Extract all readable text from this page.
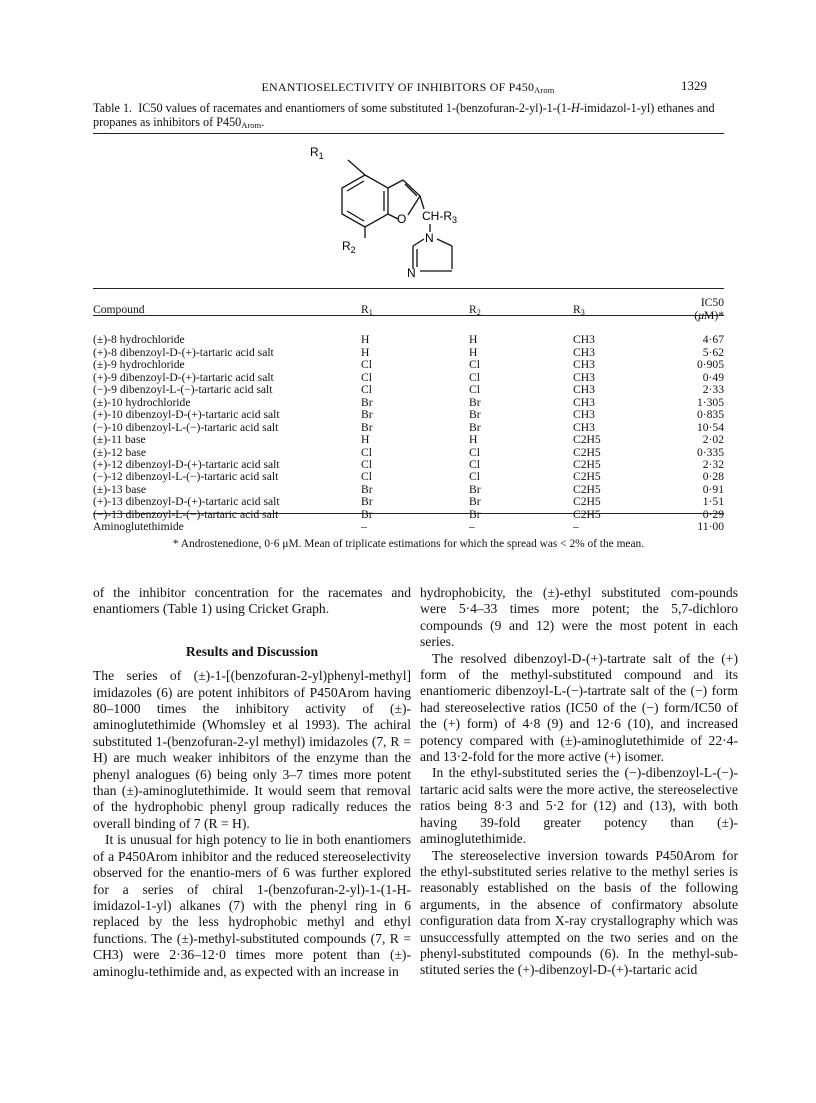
ENANTIOSELECTIVITY OF INHIBITORS OF $P450_{Arom}$	1329
Table 1. IC50 values of racemates and enantiomers of some substituted 1-(benzofuran-2-yl)-1-(1-H-imidazol-1-yl) ethanes and propanes as inhibitors of $P450_{Arom}$.
$R_1$
O $CH-R_3$
$R_2$
N
N
Compound	$R_1$	$R_2$	$R_3$	IC50 (μM)*

(±)-8 hydrochloride	H	H	CH3	4·67
(+)-8 dibenzoyl-D-(+)-tartaric acid salt	H	H	CH3	5·62
(±)-9 hydrochloride	Cl	Cl	CH3	0·905
(+)-9 dibenzoyl-D-(+)-tartaric acid salt	Cl	Cl	CH3	0·49
(−)-9 dibenzoyl-L-(−)-tartaric acid salt	Cl	Cl	CH3	2·33
(±)-10 hydrochloride	Br	Br	CH3	1·305
(+)-10 dibenzoyl-D-(+)-tartaric acid salt	Br	Br	CH3	0·835
(−)-10 dibenzoyl-L-(−)-tartaric acid salt	Br	Br	CH3	10·54
(±)-11 base	H	H	C2H5	2·02
(±)-12 base	Cl	Cl	C2H5	0·335
(+)-12 dibenzoyl-D-(+)-tartaric acid salt	Cl	Cl	C2H5	2·32
(−)-12 dibenzoyl-L-(−)-tartaric acid salt	Cl	Cl	C2H5	0·28
(±)-13 base	Br	Br	C2H5	0·91
(+)-13 dibenzoyl-D-(+)-tartaric acid salt	Br	Br	C2H5	1·51
(−)-13 dibenzoyl-L-(−)-tartaric acid salt	Br	Br	C2H5	0·29
Aminoglutethimide	–	–	–	11·00
* Androstenedione, 0·6 μM. Mean of triplicate estimations for which the spread was < 2% of the mean.

of the inhibitor concentration for the racemates and enantiomers (Table 1) using Cricket Graph.

Results and Discussion

The series of (±)-1-[(benzofuran-2-yl)phenyl-methyl] imidazoles (6) are potent inhibitors of P450Arom having 80–1000 times the inhibitory activity of (±)-aminoglutethimide (Whomsley et al 1993). The achiral substituted 1-(benzofuran-2-yl methyl) imidazoles (7, R = H) are much weaker inhibitors of the enzyme than the phenyl analogues (6) being only 3–7 times more potent than (±)-aminoglutethimide. It would seem that removal of the hydrophobic phenyl group radically reduces the overall binding of 7 (R = H).

It is unusual for high potency to lie in both enantiomers of a P450Arom inhibitor and the reduced stereoselectivity observed for the enantio-mers of 6 was further explored for a series of chiral 1-(benzofuran-2-yl)-1-(1-H-imidazol-1-yl) alkanes (7) with the phenyl ring in 6 replaced by the less hydrophobic methyl and ethyl functions. The (±)-methyl-substituted compounds (7, R = CH3) were 2·36–12·0 times more potent than (±)-aminoglu-tethimide and, as expected with an increase in

hydrophobicity, the (±)-ethyl substituted com-pounds were 5·4–33 times more potent; the 5,7-dichloro compounds (9 and 12) were the most potent in each series.

The resolved dibenzoyl-D-(+)-tartrate salt of the (+) form of the methyl-substituted compound and its enantiomeric dibenzoyl-L-(−)-tartrate salt of the (−) form had stereoselective ratios (IC50 of the (−) form/IC50 of the (+) form) of 4·8 (9) and 12·6 (10), and increased potency compared with (±)-aminoglutethimide of 22·4- and 13·2-fold for the more active (+) isomer.

In the ethyl-substituted series the (−)-dibenzoyl-L-(−)-tartaric acid salts were the more active, the stereoselective ratios being 8·3 and 5·2 for (12) and (13), with both having 39-fold greater potency than (±)-aminoglutethimide.

The stereoselective inversion towards P450Arom for the ethyl-substituted series relative to the methyl series is reasonably established on the basis of the following arguments, in the absence of confirmatory absolute configuration data from X-ray crystallography which was unsuccessfully attempted on the two series and on the phenyl-substituted compounds (6). In the methyl-sub-stituted series the (+)-dibenzoyl-D-(+)-tartaric acid
